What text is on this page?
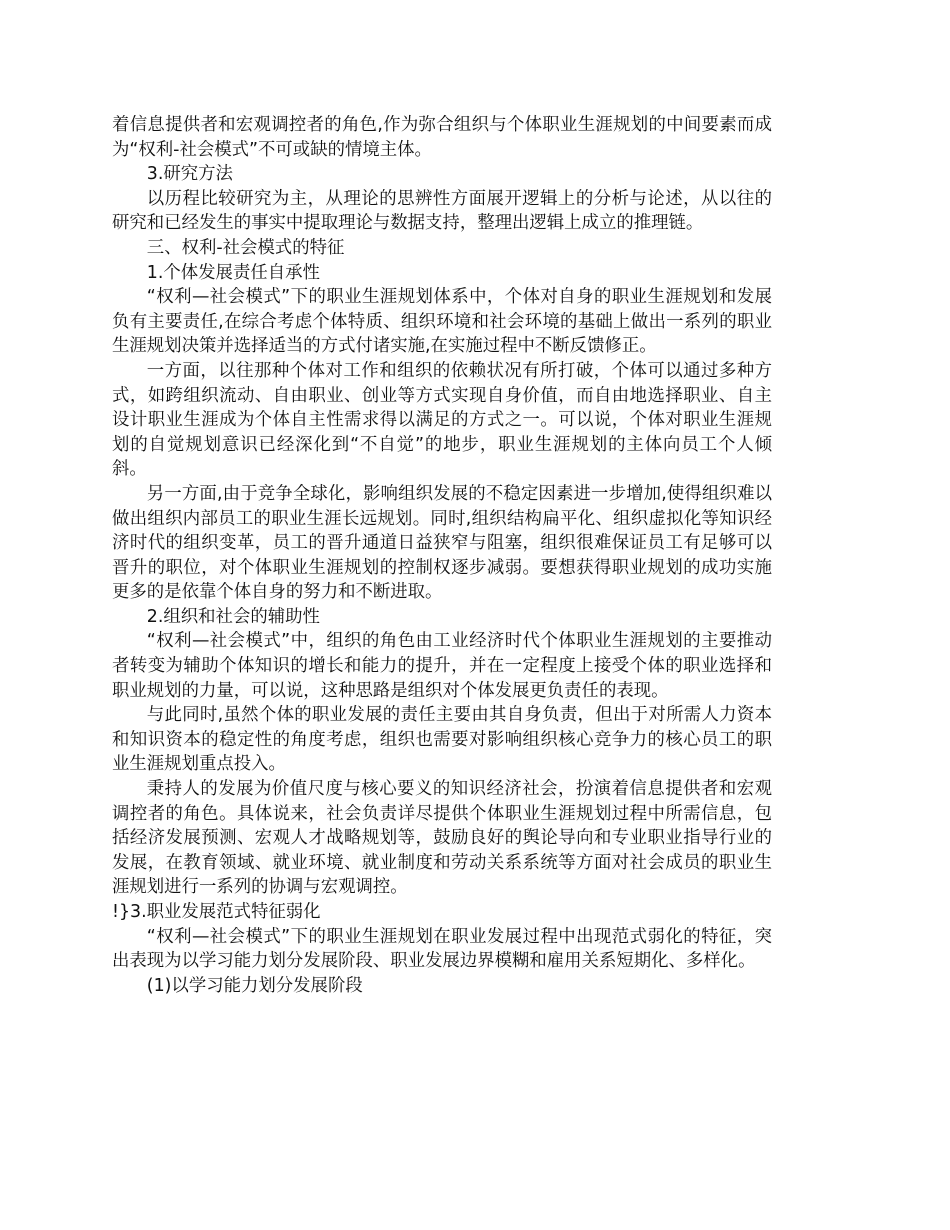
着信息提供者和宏观调控者的角色,作为弥合组织与个体职业生涯规划的中间要素而成为“权利-社会模式”不可或缺的情境主体。

3.研究方法

以历程比较研究为主，从理论的思辨性方面展开逻辑上的分析与论述，从以往的研究和已经发生的事实中提取理论与数据支持，整理出逻辑上成立的推理链。

三、权利-社会模式的特征

1.个体发展责任自承性

“权利—社会模式”下的职业生涯规划体系中，个体对自身的职业生涯规划和发展负有主要责任,在综合考虑个体特质、组织环境和社会环境的基础上做出一系列的职业生涯规划决策并选择适当的方式付诸实施,在实施过程中不断反馈修正。

一方面，以往那种个体对工作和组织的依赖状况有所打破，个体可以通过多种方式，如跨组织流动、自由职业、创业等方式实现自身价值，而自由地选择职业、自主设计职业生涯成为个体自主性需求得以满足的方式之一。可以说，个体对职业生涯规划的自觉规划意识已经深化到“不自觉”的地步，职业生涯规划的主体向员工个人倾斜。

另一方面,由于竞争全球化，影响组织发展的不稳定因素进一步增加,使得组织难以做出组织内部员工的职业生涯长远规划。同时,组织结构扁平化、组织虚拟化等知识经济时代的组织变革，员工的晋升通道日益狭窄与阻塞，组织很难保证员工有足够可以晋升的职位，对个体职业生涯规划的控制权逐步减弱。要想获得职业规划的成功实施更多的是依靠个体自身的努力和不断进取。

2.组织和社会的辅助性

“权利—社会模式”中，组织的角色由工业经济时代个体职业生涯规划的主要推动者转变为辅助个体知识的增长和能力的提升，并在一定程度上接受个体的职业选择和职业规划的力量，可以说，这种思路是组织对个体发展更负责任的表现。

与此同时,虽然个体的职业发展的责任主要由其自身负责，但出于对所需人力资本和知识资本的稳定性的角度考虑，组织也需要对影响组织核心竞争力的核心员工的职业生涯规划重点投入。

秉持人的发展为价值尺度与核心要义的知识经济社会，扮演着信息提供者和宏观调控者的角色。具体说来，社会负责详尽提供个体职业生涯规划过程中所需信息，包括经济发展预测、宏观人才战略规划等，鼓励良好的舆论导向和专业职业指导行业的发展，在教育领域、就业环境、就业制度和劳动关系系统等方面对社会成员的职业生涯规划进行一系列的协调与宏观调控。

!}3.职业发展范式特征弱化

“权利—社会模式”下的职业生涯规划在职业发展过程中出现范式弱化的特征，突出表现为以学习能力划分发展阶段、职业发展边界模糊和雇用关系短期化、多样化。

(1)以学习能力划分发展阶段
